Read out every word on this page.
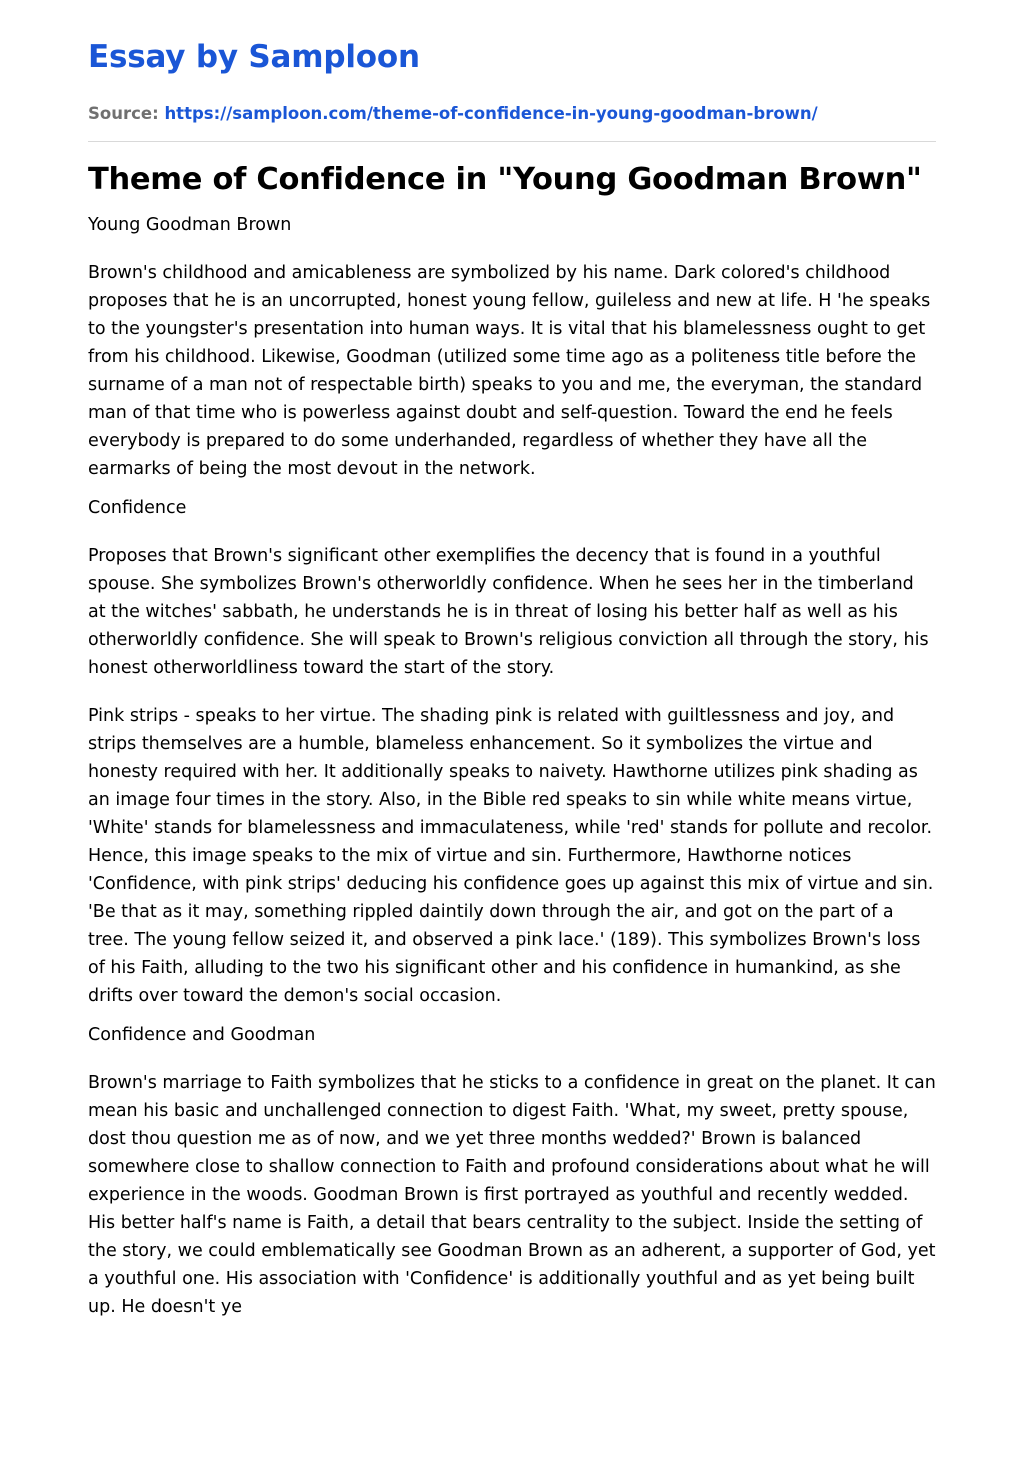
Essay by Samploon
Source: https://samploon.com/theme-of-confidence-in-young-goodman-brown/
Theme of Confidence in "Young Goodman Brown"

Young Goodman Brown

Brown's childhood and amicableness are symbolized by his name. Dark colored's childhood proposes that he is an uncorrupted, honest young fellow, guileless and new at life. H 'he speaks to the youngster's presentation into human ways. It is vital that his blamelessness ought to get from his childhood. Likewise, Goodman (utilized some time ago as a politeness title before the surname of a man not of respectable birth) speaks to you and me, the everyman, the standard man of that time who is powerless against doubt and self-question. Toward the end he feels everybody is prepared to do some underhanded, regardless of whether they have all the earmarks of being the most devout in the network.

Confidence

Proposes that Brown's significant other exemplifies the decency that is found in a youthful spouse. She symbolizes Brown's otherworldly confidence. When he sees her in the timberland at the witches' sabbath, he understands he is in threat of losing his better half as well as his otherworldly confidence. She will speak to Brown's religious conviction all through the story, his honest otherworldliness toward the start of the story.

Pink strips - speaks to her virtue. The shading pink is related with guiltlessness and joy, and strips themselves are a humble, blameless enhancement. So it symbolizes the virtue and honesty required with her. It additionally speaks to naivety. Hawthorne utilizes pink shading as an image four times in the story. Also, in the Bible red speaks to sin while white means virtue, 'White' stands for blamelessness and immaculateness, while 'red' stands for pollute and recolor. Hence, this image speaks to the mix of virtue and sin. Furthermore, Hawthorne notices 'Confidence, with pink strips' deducing his confidence goes up against this mix of virtue and sin. 'Be that as it may, something rippled daintily down through the air, and got on the part of a tree. The young fellow seized it, and observed a pink lace.' (189). This symbolizes Brown's loss of his Faith, alluding to the two his significant other and his confidence in humankind, as she drifts over toward the demon's social occasion.

Confidence and Goodman

Brown's marriage to Faith symbolizes that he sticks to a confidence in great on the planet. It can mean his basic and unchallenged connection to digest Faith. 'What, my sweet, pretty spouse, dost thou question me as of now, and we yet three months wedded?' Brown is balanced somewhere close to shallow connection to Faith and profound considerations about what he will experience in the woods. Goodman Brown is first portrayed as youthful and recently wedded. His better half's name is Faith, a detail that bears centrality to the subject. Inside the setting of the story, we could emblematically see Goodman Brown as an adherent, a supporter of God, yet a youthful one. His association with 'Confidence' is additionally youthful and as yet being built up. He doesn't ye
